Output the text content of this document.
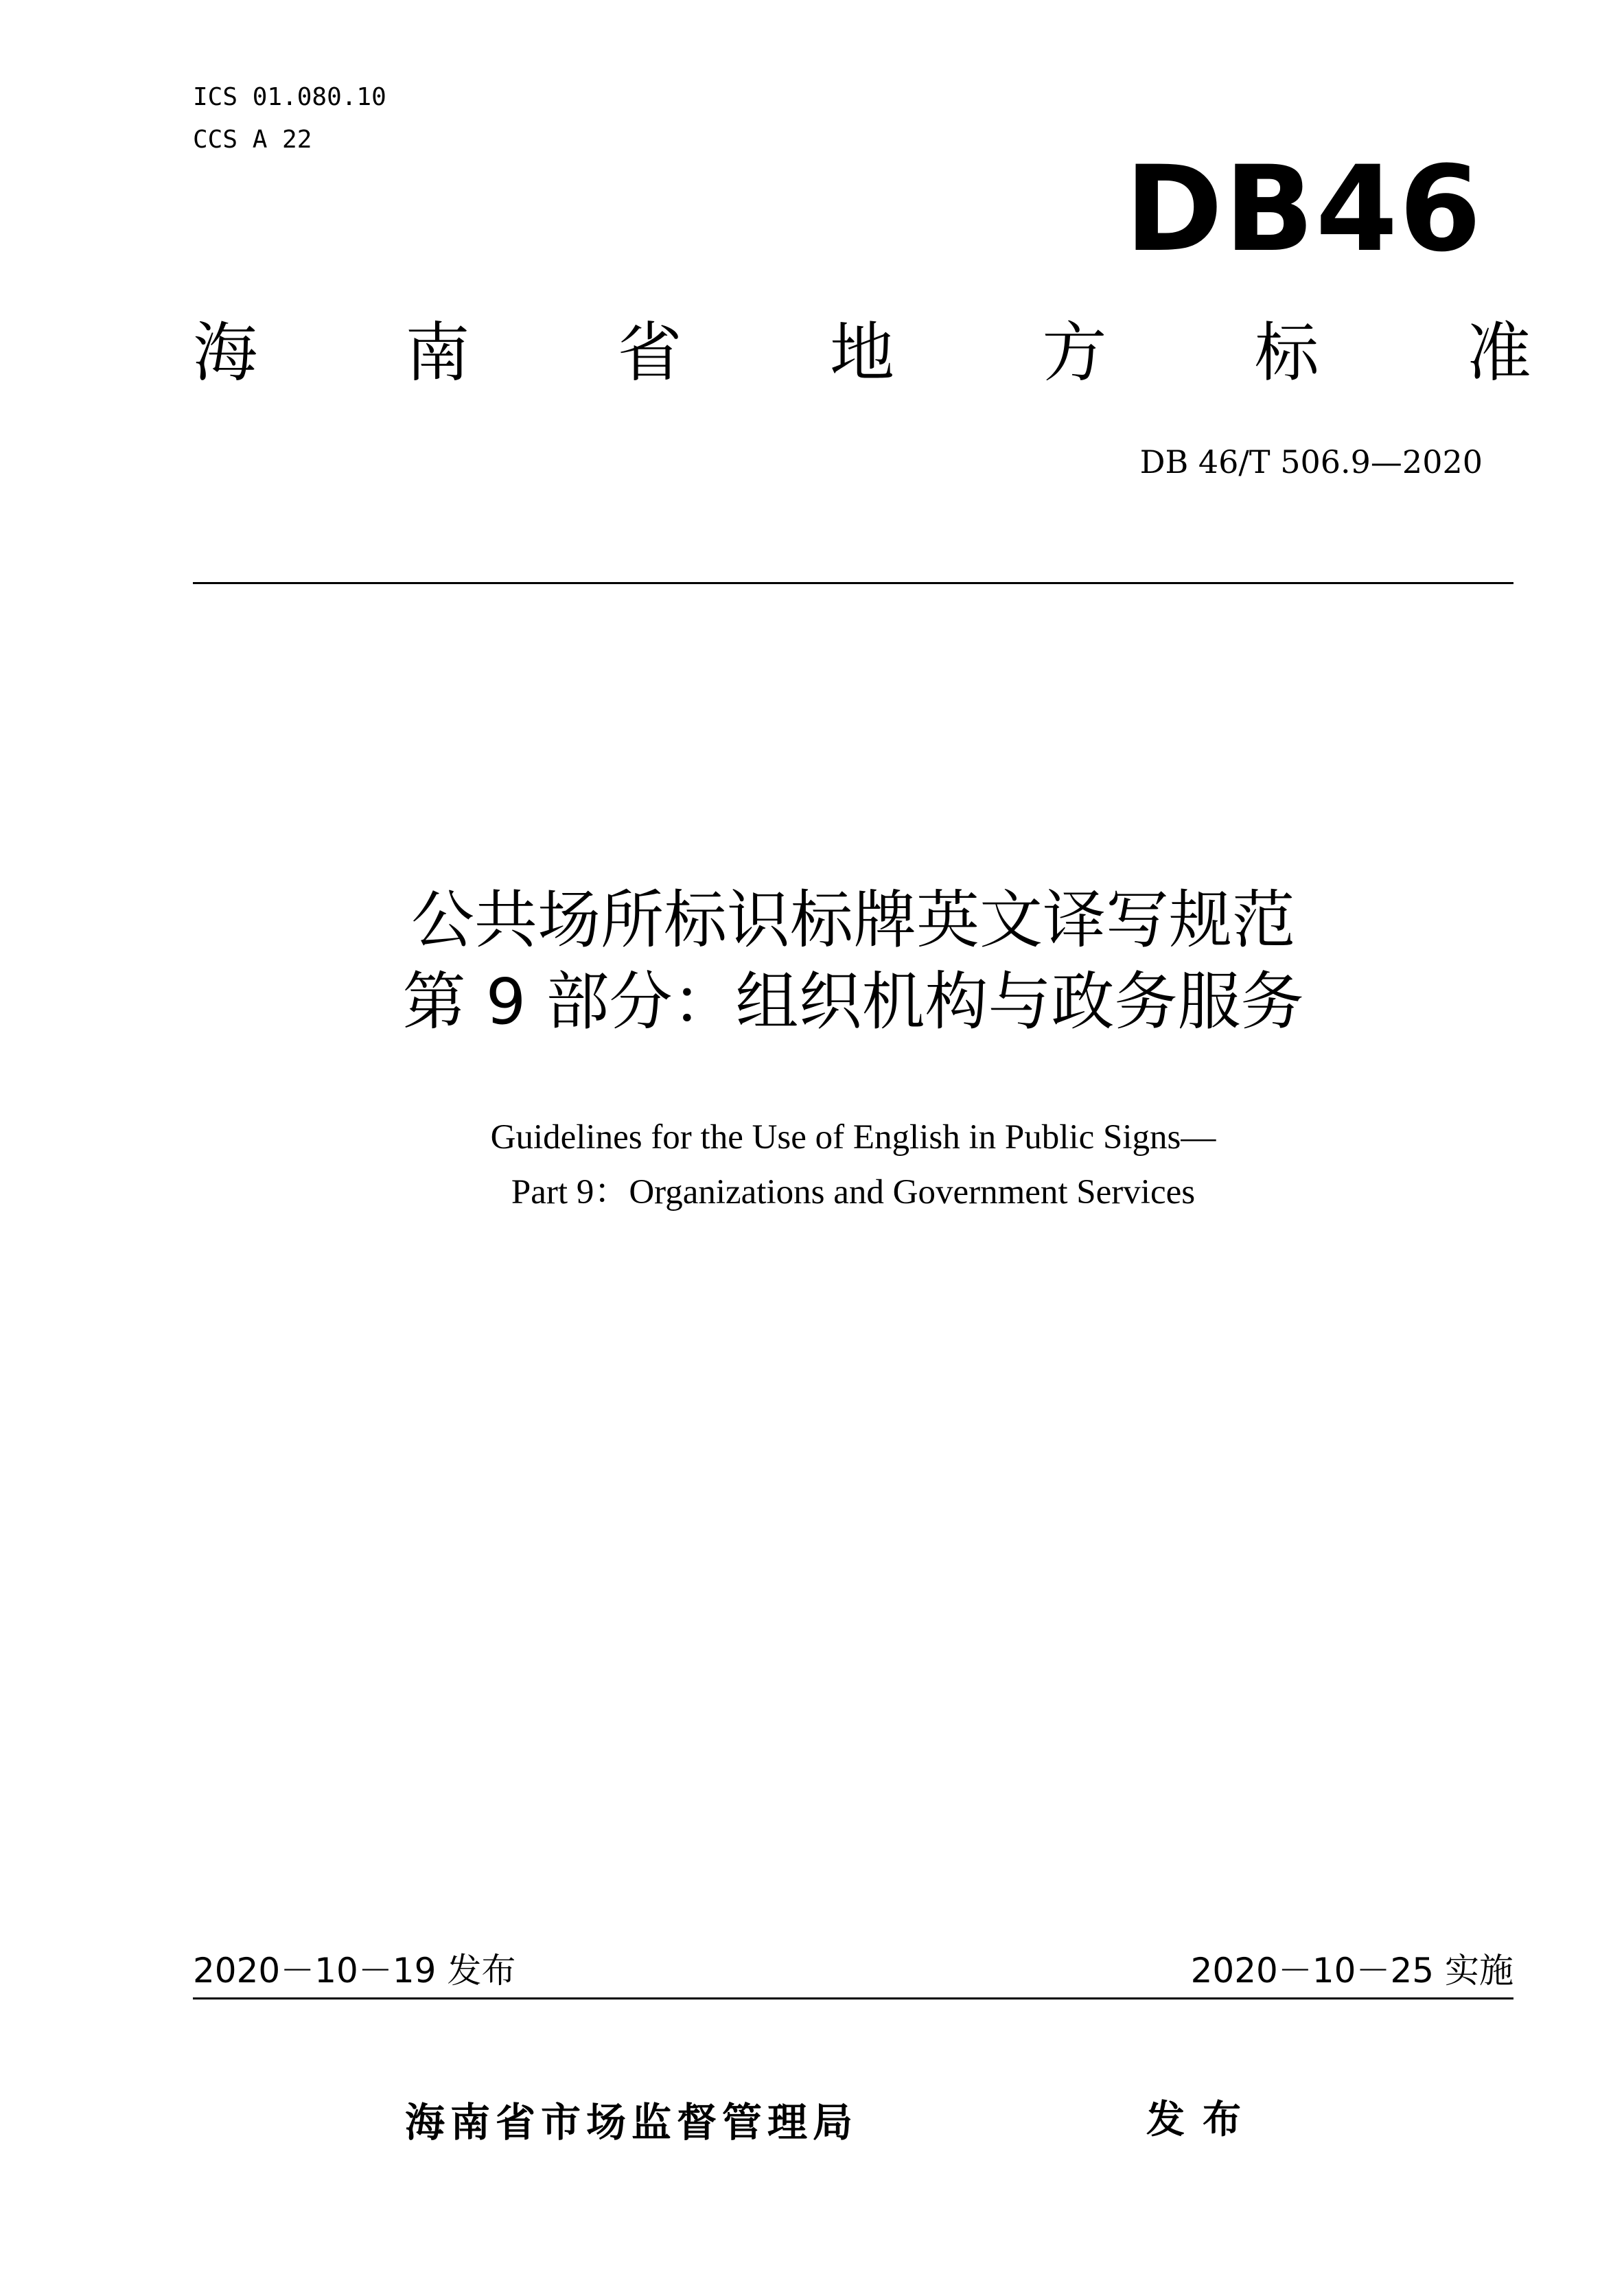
ICS 01.080.10
CCS A 22
DB46
海 南 省 地 方 标 准
DB 46/T 506.9—2020
公共场所标识标牌英文译写规范
第 9 部分：组织机构与政务服务
Guidelines for the Use of English in Public Signs—
Part 9：Organizations and Government Services
2020－10－19 发布	2020－10－25 实施
海南省市场监督管理局	发布
